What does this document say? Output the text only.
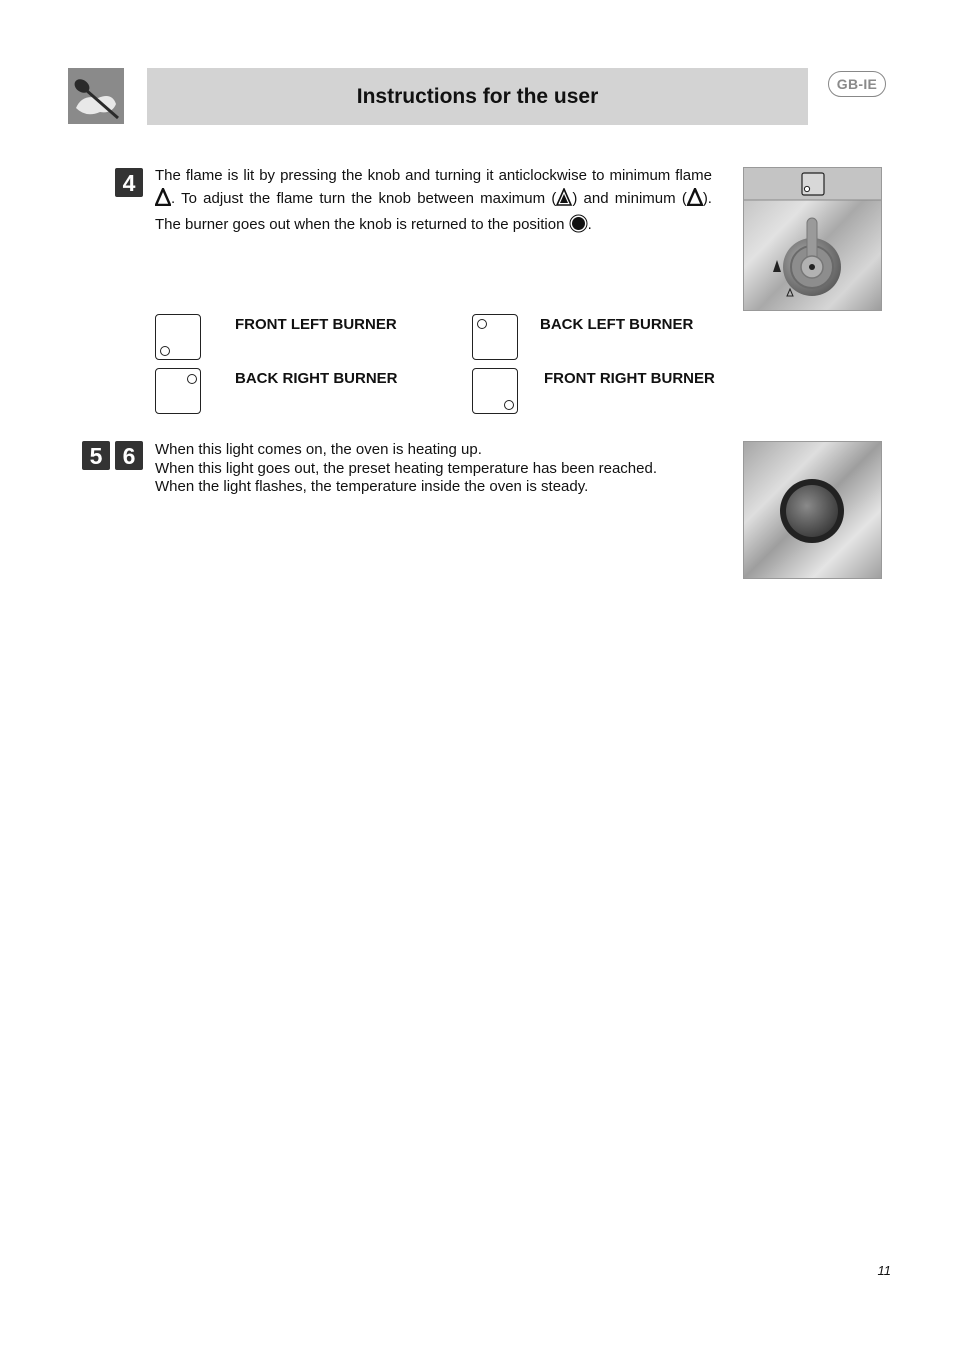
Instructions for the user
GB-IE
4	The flame is lit by pressing the knob and turning it anticlockwise to minimum flame . To adjust the flame turn the knob between maximum ( ) and minimum ( ). The burner goes out when the knob is returned to the position .
FRONT LEFT BURNER	BACK LEFT BURNER
BACK RIGHT BURNER	FRONT RIGHT BURNER
5 6	When this light comes on, the oven is heating up.
When this light goes out, the preset heating temperature has been reached.
When the light flashes, the temperature inside the oven is steady.
11
